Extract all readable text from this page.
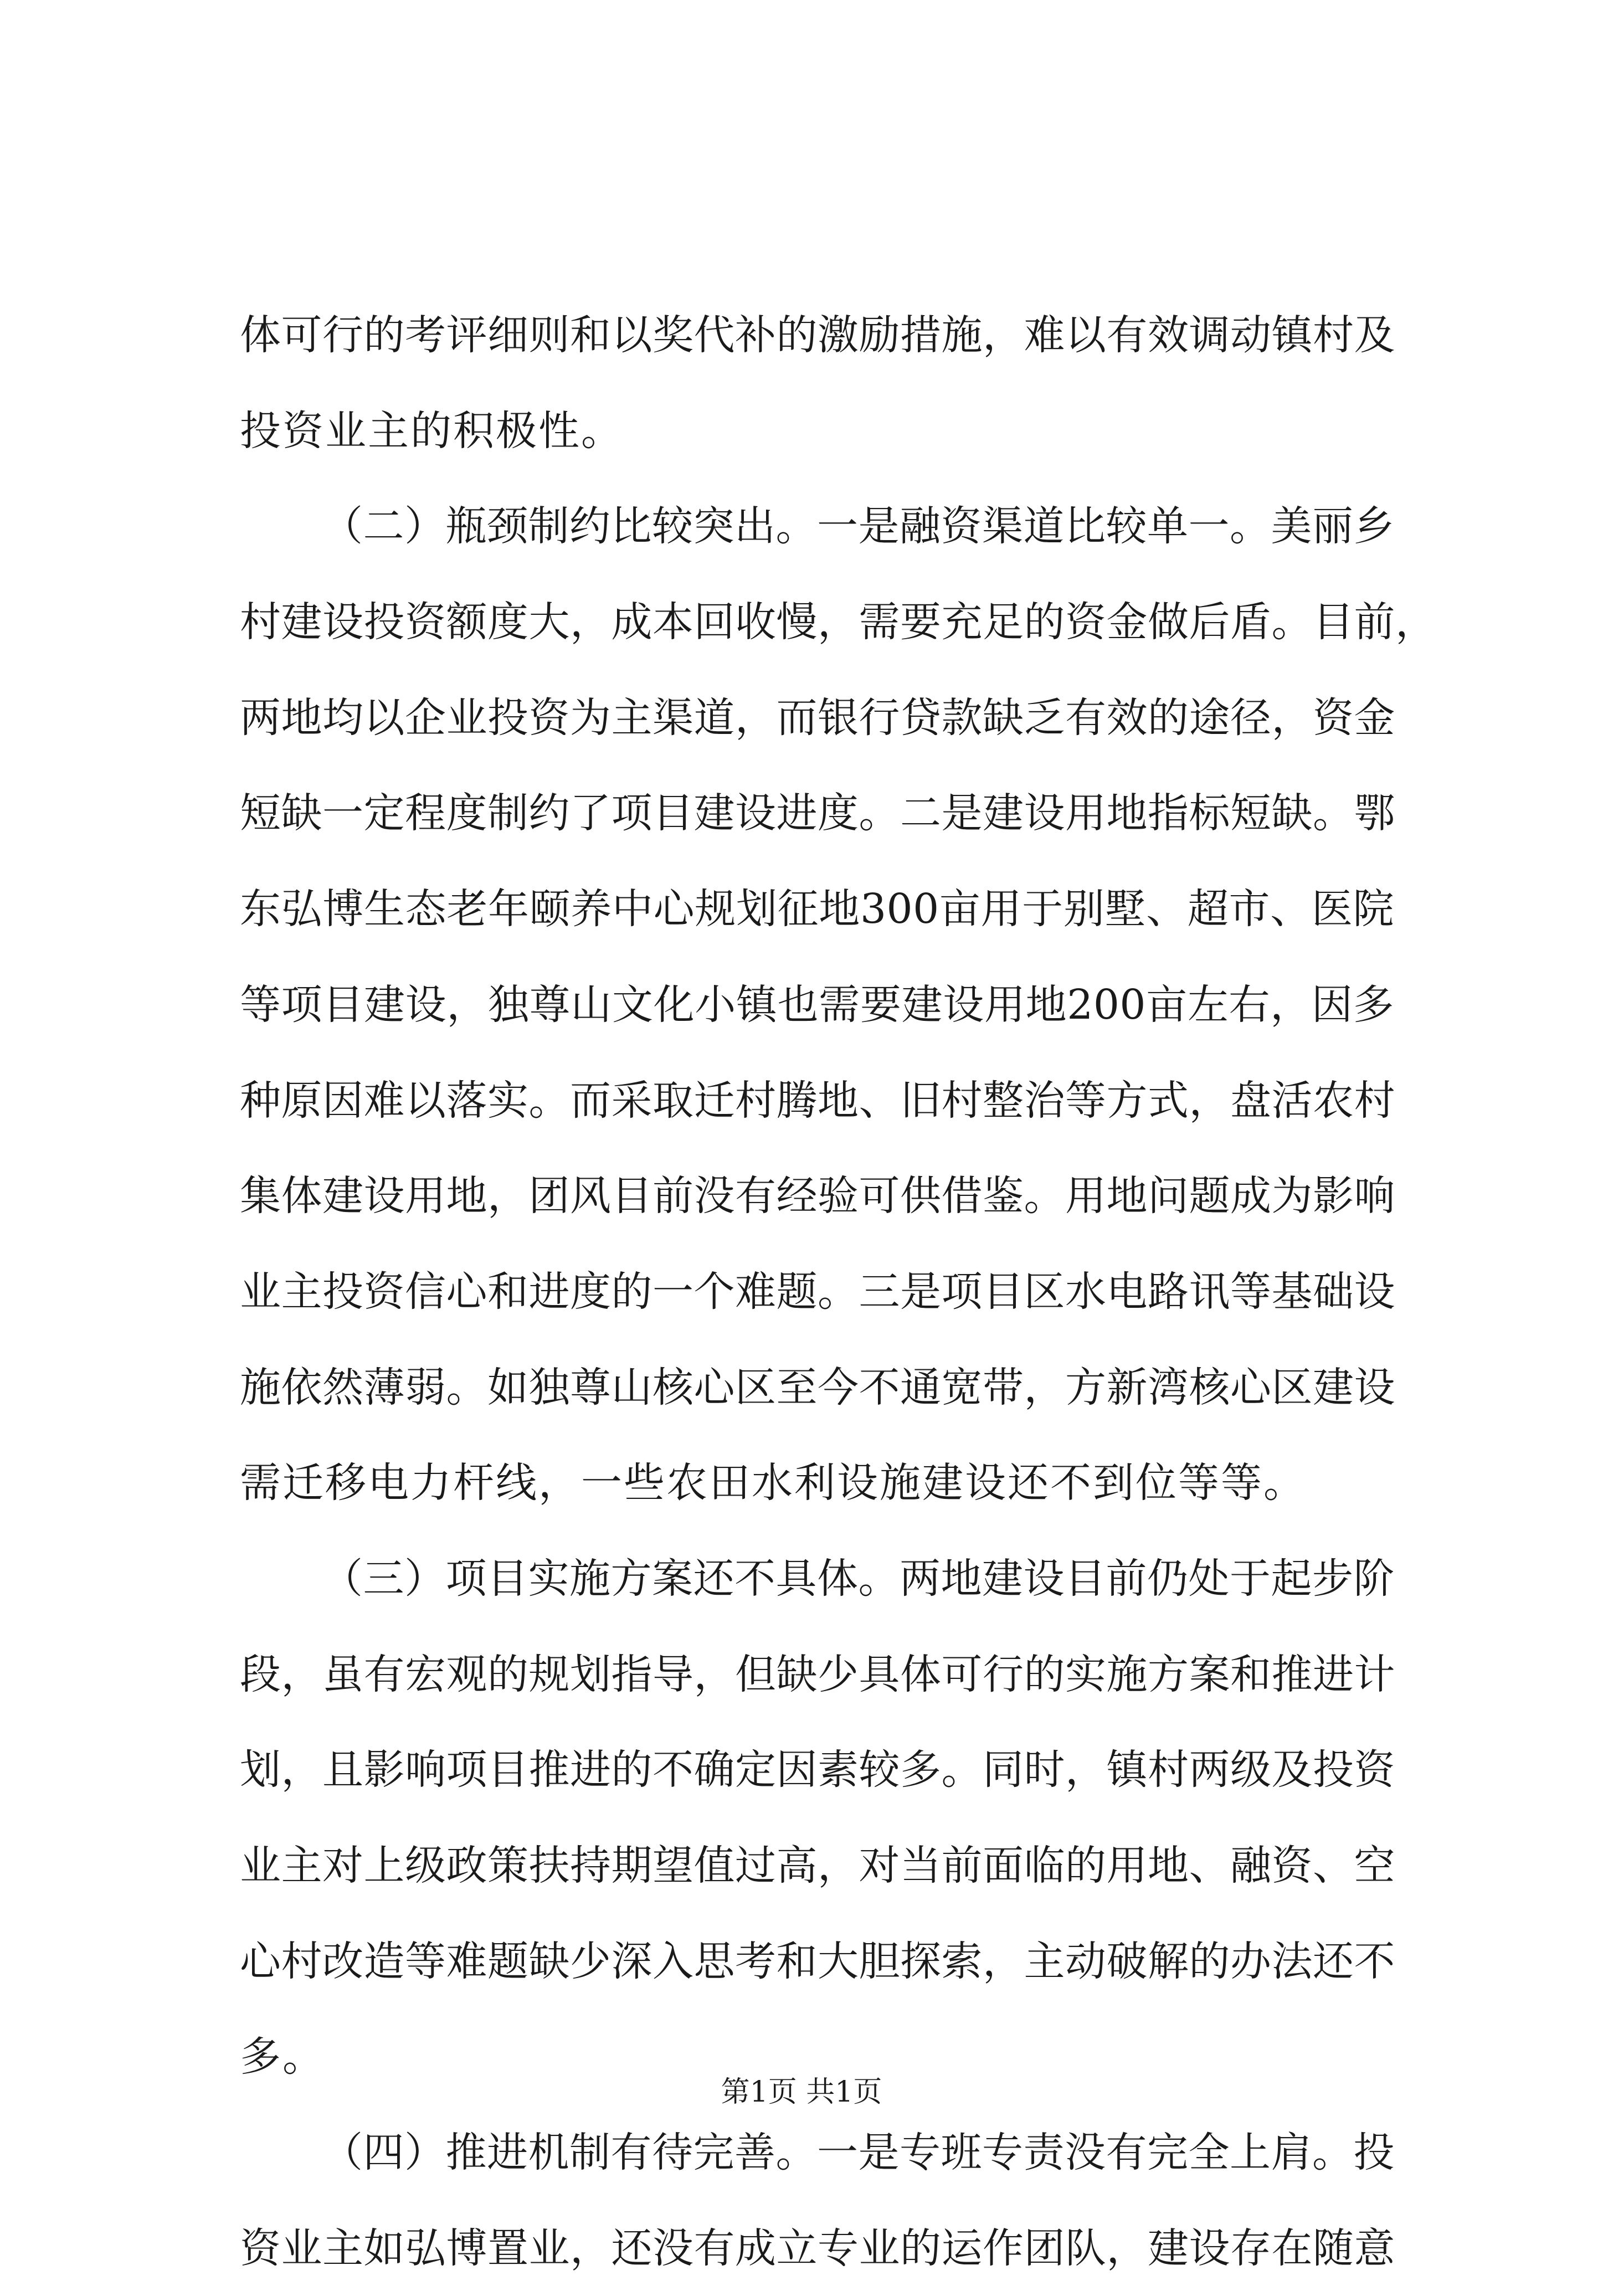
体可行的考评细则和以奖代补的激励措施，难以有效调动镇村及
投资业主的积极性。
（二）瓶颈制约比较突出。一是融资渠道比较单一。美丽乡
村建设投资额度大，成本回收慢，需要充足的资金做后盾。目前，
两地均以企业投资为主渠道，而银行贷款缺乏有效的途径，资金
短缺一定程度制约了项目建设进度。二是建设用地指标短缺。鄂
东弘博生态老年颐养中心规划征地300亩用于别墅、超市、医院
等项目建设，独尊山文化小镇也需要建设用地200亩左右，因多
种原因难以落实。而采取迁村腾地、旧村整治等方式，盘活农村
集体建设用地，团风目前没有经验可供借鉴。用地问题成为影响
业主投资信心和进度的一个难题。三是项目区水电路讯等基础设
施依然薄弱。如独尊山核心区至今不通宽带，方新湾核心区建设
需迁移电力杆线，一些农田水利设施建设还不到位等等。
（三）项目实施方案还不具体。两地建设目前仍处于起步阶
段，虽有宏观的规划指导，但缺少具体可行的实施方案和推进计
划，且影响项目推进的不确定因素较多。同时，镇村两级及投资
业主对上级政策扶持期望值过高，对当前面临的用地、融资、空
心村改造等难题缺少深入思考和大胆探索，主动破解的办法还不
多。
（四）推进机制有待完善。一是专班专责没有完全上肩。投
资业主如弘博置业，还没有成立专业的运作团队，建设存在随意
第1页 共1页
